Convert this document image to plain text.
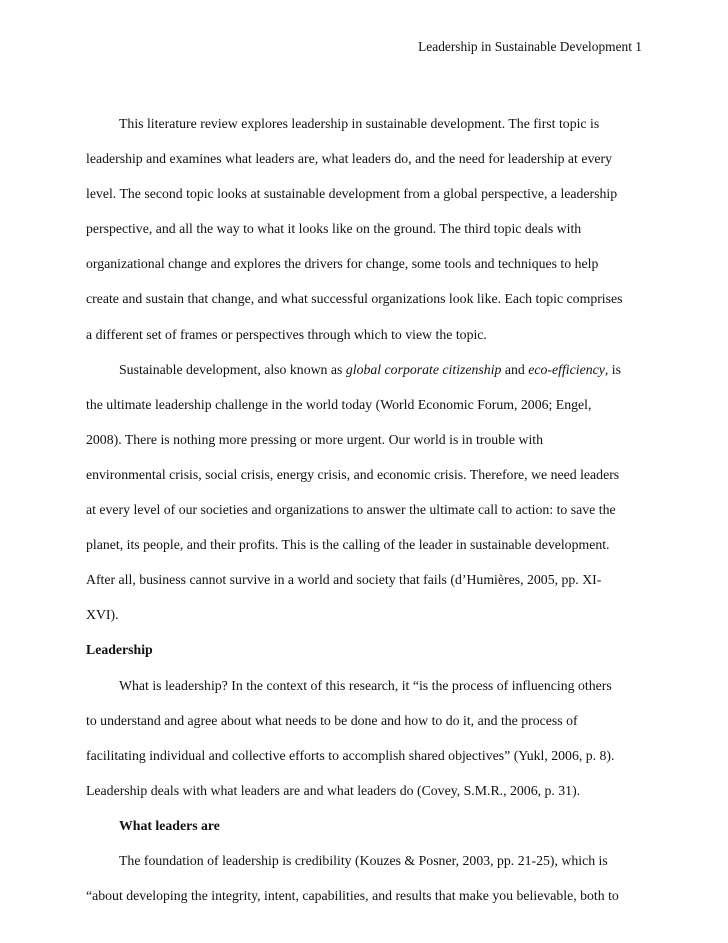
Leadership in Sustainable Development 1
This literature review explores leadership in sustainable development. The first topic is
leadership and examines what leaders are, what leaders do, and the need for leadership at every
level. The second topic looks at sustainable development from a global perspective, a leadership
perspective, and all the way to what it looks like on the ground. The third topic deals with
organizational change and explores the drivers for change, some tools and techniques to help
create and sustain that change, and what successful organizations look like. Each topic comprises
a different set of frames or perspectives through which to view the topic.
Sustainable development, also known as global corporate citizenship and eco-efficiency, is
the ultimate leadership challenge in the world today (World Economic Forum, 2006; Engel,
2008). There is nothing more pressing or more urgent. Our world is in trouble with
environmental crisis, social crisis, energy crisis, and economic crisis. Therefore, we need leaders
at every level of our societies and organizations to answer the ultimate call to action: to save the
planet, its people, and their profits. This is the calling of the leader in sustainable development.
After all, business cannot survive in a world and society that fails (d’Humières, 2005, pp. XI-
XVI).
Leadership
What is leadership? In the context of this research, it “is the process of influencing others
to understand and agree about what needs to be done and how to do it, and the process of
facilitating individual and collective efforts to accomplish shared objectives” (Yukl, 2006, p. 8).
Leadership deals with what leaders are and what leaders do (Covey, S.M.R., 2006, p. 31).
What leaders are
The foundation of leadership is credibility (Kouzes & Posner, 2003, pp. 21-25), which is
“about developing the integrity, intent, capabilities, and results that make you believable, both to
